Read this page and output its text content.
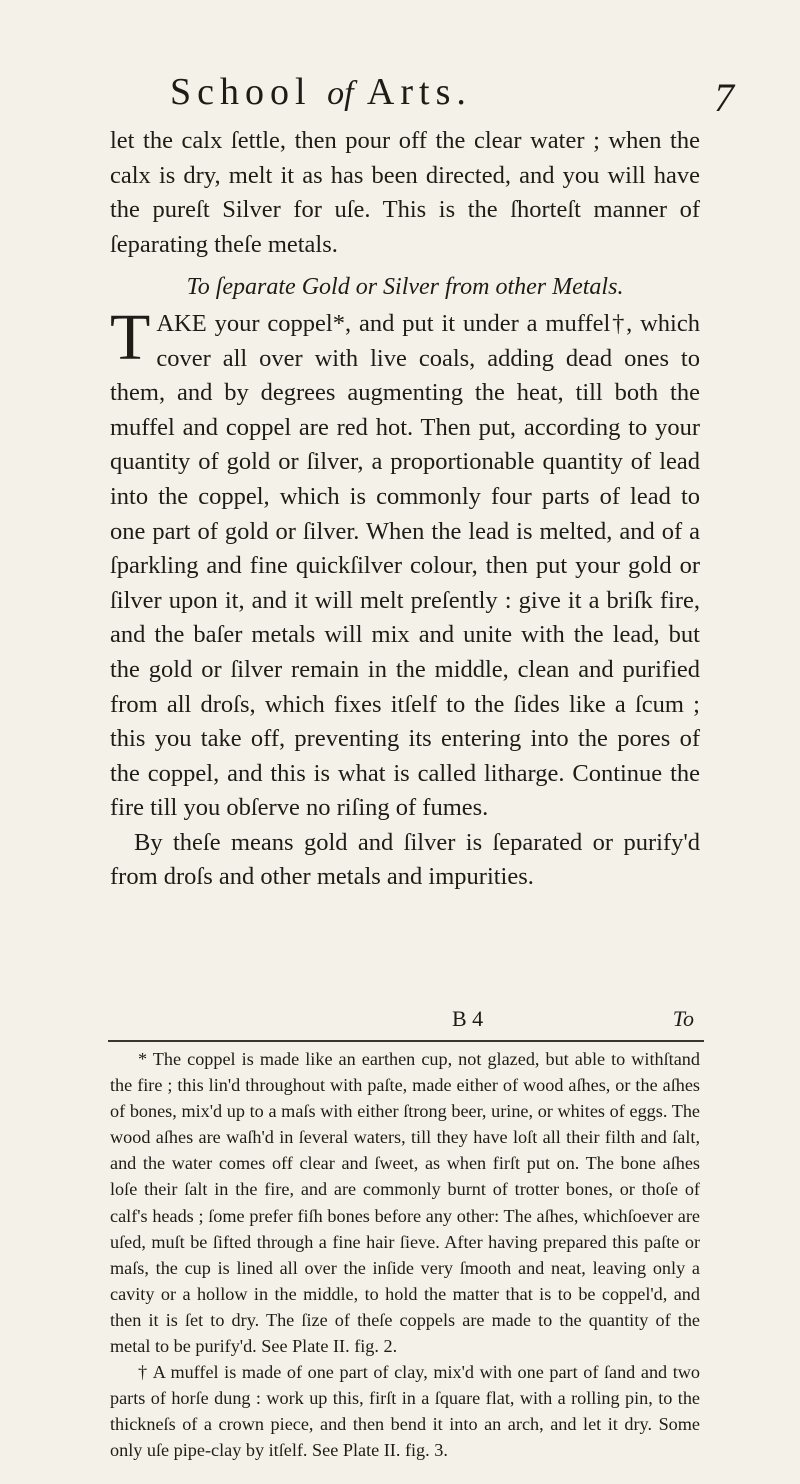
School of Arts.	7

let the calx ſettle, then pour off the clear water ; when the calx is dry, melt it as has been directed, and you will have the pureſt Silver for uſe. This is the ſhorteſt manner of ſeparating theſe metals.

To ſeparate Gold or Silver from other Metals.

TAKE your coppel*, and put it under a muffel†, which cover all over with live coals, adding dead ones to them, and by degrees augmenting the heat, till both the muffel and coppel are red hot. Then put, according to your quantity of gold or ſilver, a proportionable quantity of lead into the coppel, which is commonly four parts of lead to one part of gold or ſilver. When the lead is melted, and of a ſparkling and fine quickſilver colour, then put your gold or ſilver upon it, and it will melt preſently : give it a briſk fire, and the baſer metals will mix and unite with the lead, but the gold or ſilver remain in the middle, clean and purified from all droſs, which fixes itſelf to the ſides like a ſcum ; this you take off, preventing its entering into the pores of the coppel, and this is what is called litharge. Continue the fire till you obſerve no riſing of fumes.

By theſe means gold and ſilver is ſeparated or purify'd from droſs and other metals and impurities.

B 4	To

* The coppel is made like an earthen cup, not glazed, but able to withſtand the fire ; this lin'd throughout with paſte, made either of wood aſhes, or the aſhes of bones, mix'd up to a maſs with either ſtrong beer, urine, or whites of eggs. The wood aſhes are waſh'd in ſeveral waters, till they have loſt all their filth and ſalt, and the water comes off clear and ſweet, as when firſt put on. The bone aſhes loſe their ſalt in the fire, and are commonly burnt of trotter bones, or thoſe of calf's heads ; ſome prefer fiſh bones before any other: The aſhes, whichſoever are uſed, muſt be ſifted through a fine hair ſieve. After having prepared this paſte or maſs, the cup is lined all over the inſide very ſmooth and neat, leaving only a cavity or a hollow in the middle, to hold the matter that is to be coppel'd, and then it is ſet to dry. The ſize of theſe coppels are made to the quantity of the metal to be purify'd. See Plate II. fig. 2.

† A muffel is made of one part of clay, mix'd with one part of ſand and two parts of horſe dung : work up this, firſt in a ſquare flat, with a rolling pin, to the thickneſs of a crown piece, and then bend it into an arch, and let it dry. Some only uſe pipe-clay by itſelf. See Plate II. fig. 3.
